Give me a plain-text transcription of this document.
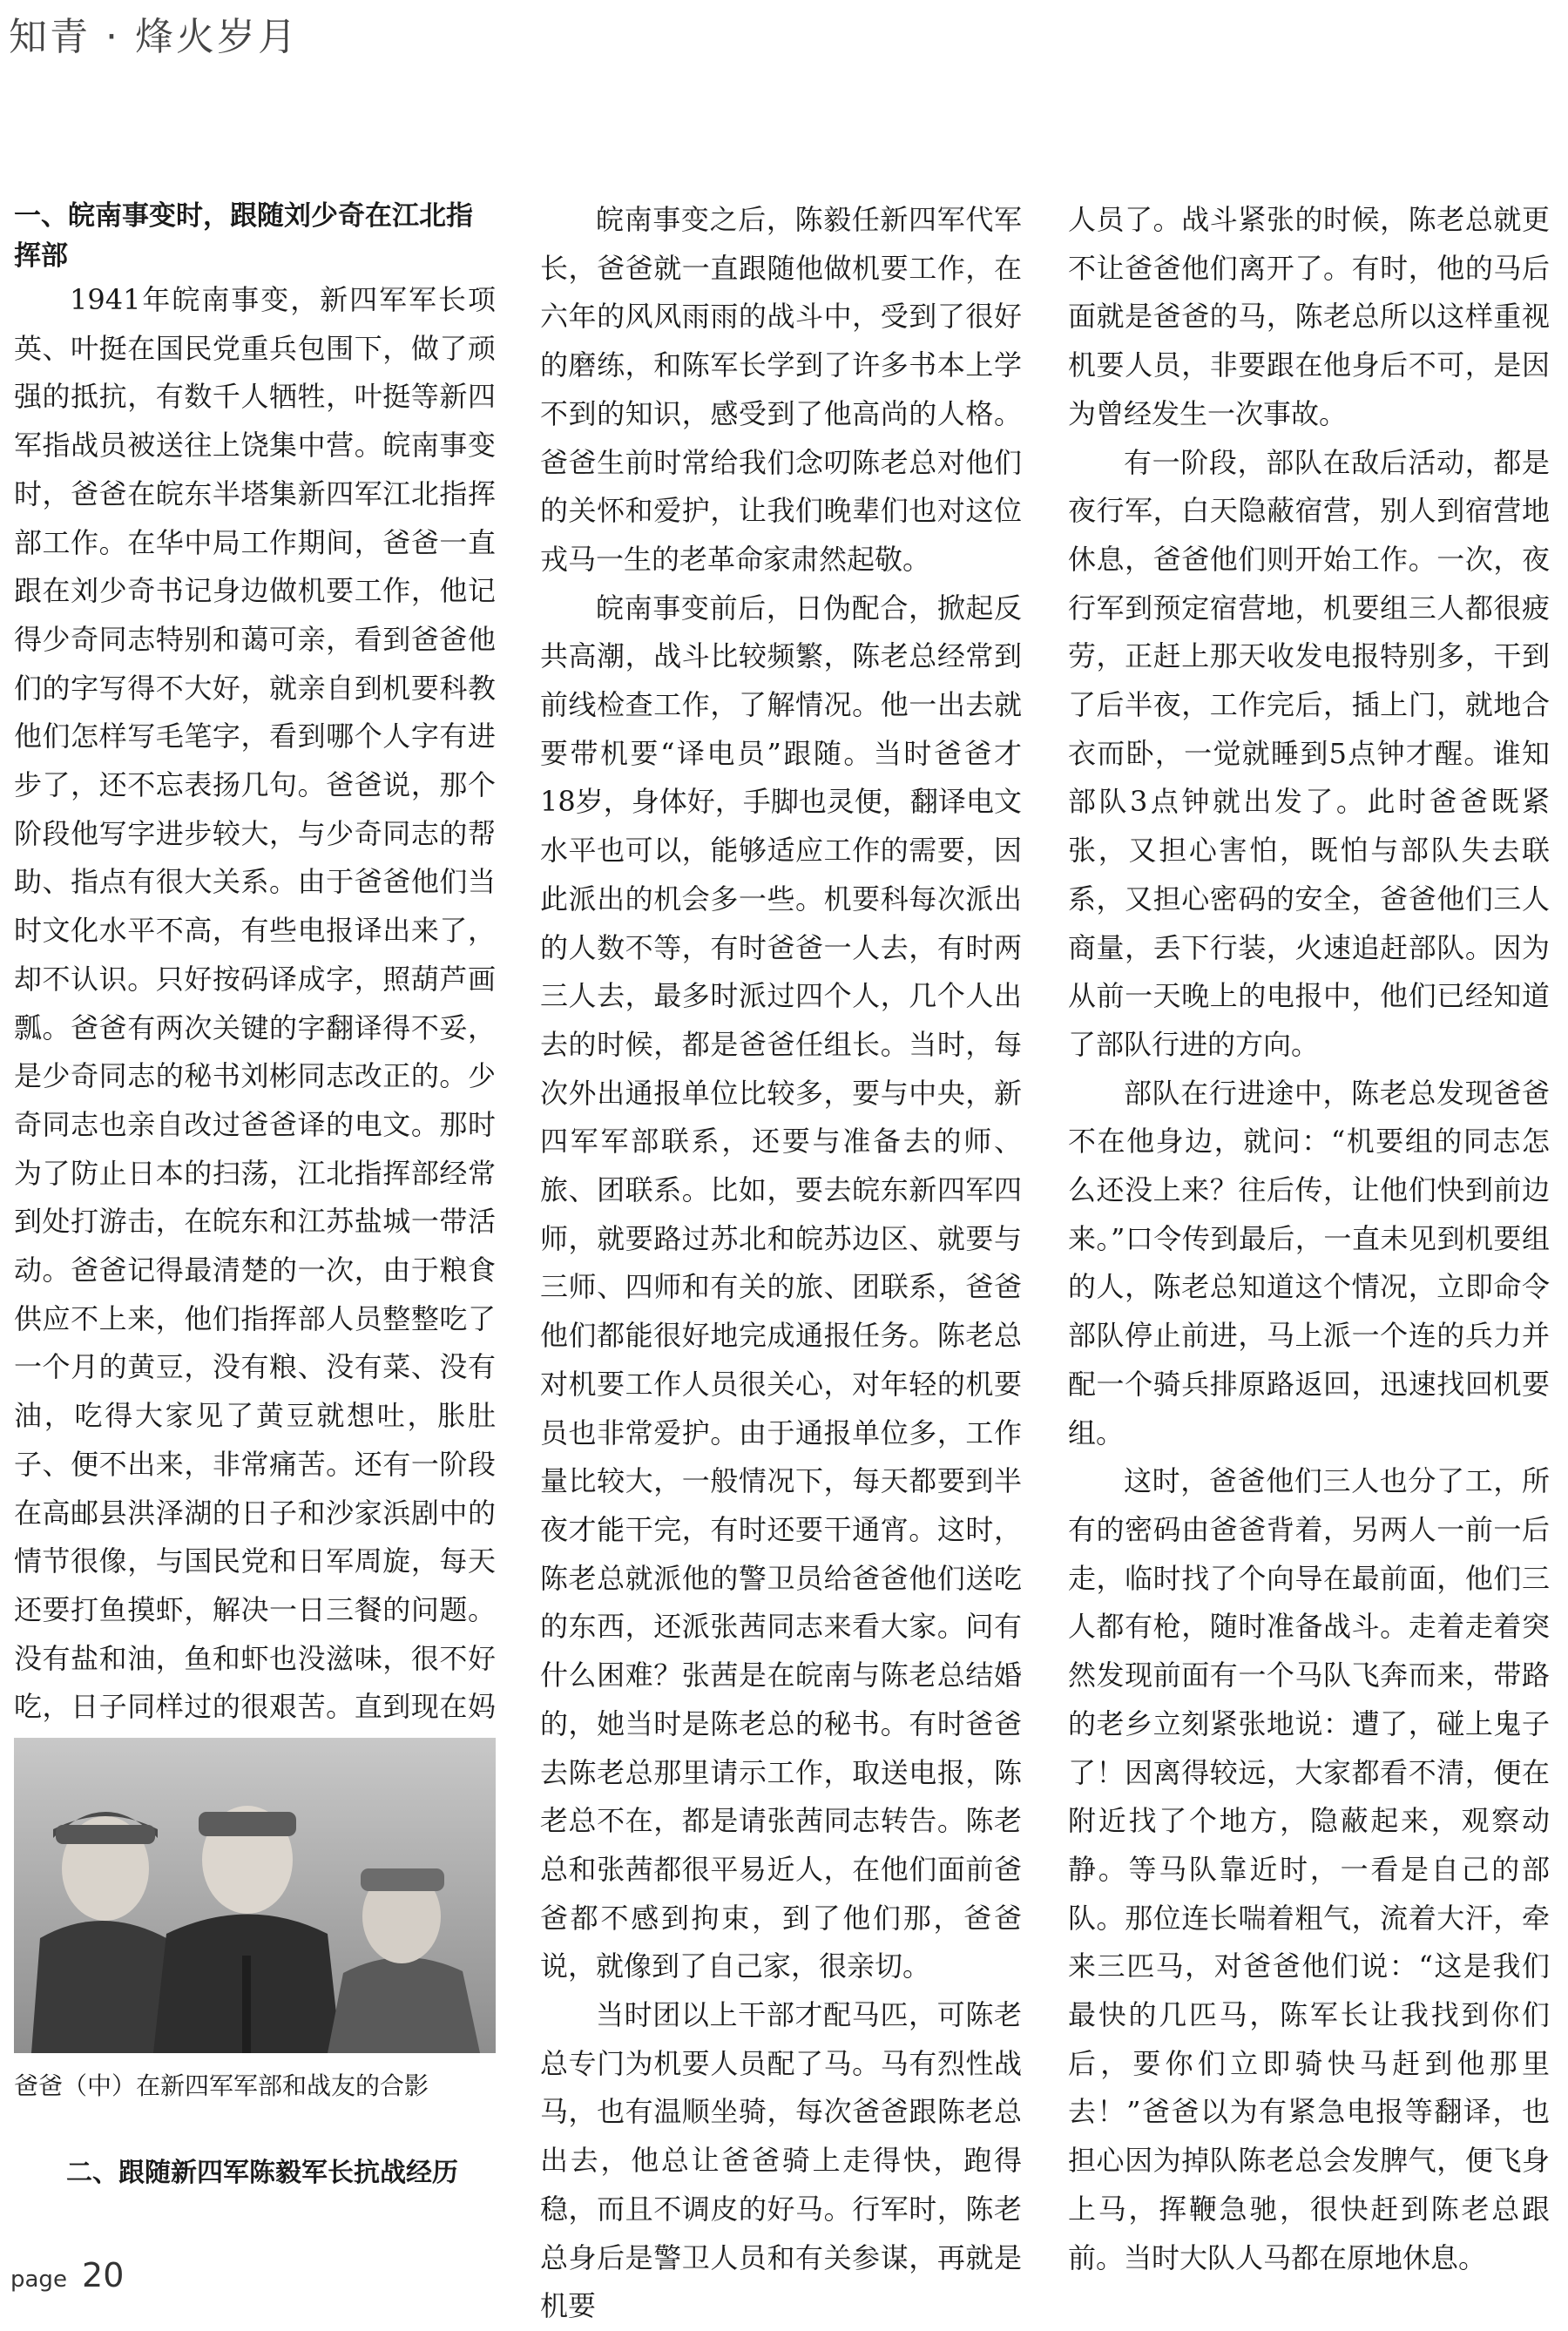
知青 · 烽火岁月
一、皖南事变时，跟随刘少奇在江北指挥部

1941年皖南事变，新四军军长项英、叶挺在国民党重兵包围下，做了顽强的抵抗，有数千人牺牲，叶挺等新四军指战员被送往上饶集中营。皖南事变时，爸爸在皖东半塔集新四军江北指挥部工作。在华中局工作期间，爸爸一直跟在刘少奇书记身边做机要工作，他记得少奇同志特别和蔼可亲，看到爸爸他们的字写得不大好，就亲自到机要科教他们怎样写毛笔字，看到哪个人字有进步了，还不忘表扬几句。爸爸说，那个阶段他写字进步较大，与少奇同志的帮助、指点有很大关系。由于爸爸他们当时文化水平不高，有些电报译出来了，却不认识。只好按码译成字，照葫芦画瓢。爸爸有两次关键的字翻译得不妥，是少奇同志的秘书刘彬同志改正的。少奇同志也亲自改过爸爸译的电文。那时为了防止日本的扫荡，江北指挥部经常到处打游击，在皖东和江苏盐城一带活动。爸爸记得最清楚的一次，由于粮食供应不上来，他们指挥部人员整整吃了一个月的黄豆，没有粮、没有菜、没有油，吃得大家见了黄豆就想吐，胀肚子、便不出来，非常痛苦。还有一阶段在高邮县洪泽湖的日子和沙家浜剧中的情节很像，与国民党和日军周旋，每天还要打鱼摸虾，解决一日三餐的问题。没有盐和油，鱼和虾也没滋味，很不好吃，日子同样过的很艰苦。直到现在妈

爸爸（中）在新四军军部和战友的合影
二、跟随新四军陈毅军长抗战经历

皖南事变之后，陈毅任新四军代军长，爸爸就一直跟随他做机要工作，在六年的风风雨雨的战斗中，受到了很好的磨练，和陈军长学到了许多书本上学不到的知识，感受到了他高尚的人格。爸爸生前时常给我们念叨陈老总对他们的关怀和爱护，让我们晚辈们也对这位戎马一生的老革命家肃然起敬。

皖南事变前后，日伪配合，掀起反共高潮，战斗比较频繁，陈老总经常到前线检查工作，了解情况。他一出去就要带机要“译电员”跟随。当时爸爸才18岁，身体好，手脚也灵便，翻译电文水平也可以，能够适应工作的需要，因此派出的机会多一些。机要科每次派出的人数不等，有时爸爸一人去，有时两三人去，最多时派过四个人，几个人出去的时候，都是爸爸任组长。当时，每次外出通报单位比较多，要与中央，新四军军部联系，还要与准备去的师、旅、团联系。比如，要去皖东新四军四师，就要路过苏北和皖苏边区、就要与三师、四师和有关的旅、团联系，爸爸他们都能很好地完成通报任务。陈老总对机要工作人员很关心，对年轻的机要员也非常爱护。由于通报单位多，工作量比较大，一般情况下，每天都要到半夜才能干完，有时还要干通宵。这时，陈老总就派他的警卫员给爸爸他们送吃的东西，还派张茜同志来看大家。问有什么困难？张茜是在皖南与陈老总结婚的，她当时是陈老总的秘书。有时爸爸去陈老总那里请示工作，取送电报，陈老总不在，都是请张茜同志转告。陈老总和张茜都很平易近人，在他们面前爸爸都不感到拘束，到了他们那，爸爸说，就像到了自己家，很亲切。

当时团以上干部才配马匹，可陈老总专门为机要人员配了马。马有烈性战马，也有温顺坐骑，每次爸爸跟陈老总出去，他总让爸爸骑上走得快，跑得稳，而且不调皮的好马。行军时，陈老总身后是警卫人员和有关参谋，再就是机要

人员了。战斗紧张的时候，陈老总就更不让爸爸他们离开了。有时，他的马后面就是爸爸的马，陈老总所以这样重视机要人员，非要跟在他身后不可，是因为曾经发生一次事故。

有一阶段，部队在敌后活动，都是夜行军，白天隐蔽宿营，别人到宿营地休息，爸爸他们则开始工作。一次，夜行军到预定宿营地，机要组三人都很疲劳，正赶上那天收发电报特别多，干到了后半夜，工作完后，插上门，就地合衣而卧，一觉就睡到5点钟才醒。谁知部队3点钟就出发了。此时爸爸既紧张，又担心害怕，既怕与部队失去联系，又担心密码的安全，爸爸他们三人商量，丢下行装，火速追赶部队。因为从前一天晚上的电报中，他们已经知道了部队行进的方向。

部队在行进途中，陈老总发现爸爸不在他身边，就问：“机要组的同志怎么还没上来？往后传，让他们快到前边来。”口令传到最后，一直未见到机要组的人，陈老总知道这个情况，立即命令部队停止前进，马上派一个连的兵力并配一个骑兵排原路返回，迅速找回机要组。

这时，爸爸他们三人也分了工，所有的密码由爸爸背着，另两人一前一后走，临时找了个向导在最前面，他们三人都有枪，随时准备战斗。走着走着突然发现前面有一个马队飞奔而来，带路的老乡立刻紧张地说：遭了，碰上鬼子了！因离得较远，大家都看不清，便在附近找了个地方，隐蔽起来，观察动静。等马队靠近时，一看是自己的部队。那位连长喘着粗气，流着大汗，牵来三匹马，对爸爸他们说：“这是我们最快的几匹马，陈军长让我找到你们后，要你们立即骑快马赶到他那里去！”爸爸以为有紧急电报等翻译，也担心因为掉队陈老总会发脾气，便飞身上马，挥鞭急驰，很快赶到陈老总跟前。当时大队人马都在原地休息。

page 20
